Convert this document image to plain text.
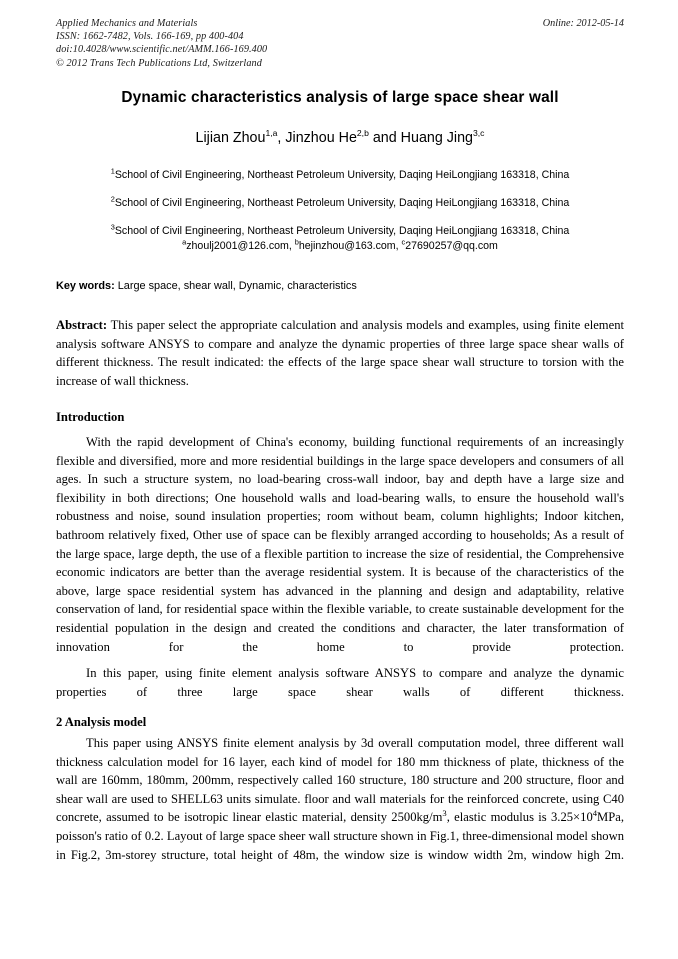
Applied Mechanics and Materials
ISSN: 1662-7482, Vols. 166-169, pp 400-404
doi:10.4028/www.scientific.net/AMM.166-169.400
© 2012 Trans Tech Publications Ltd, Switzerland
Online: 2012-05-14
Dynamic characteristics analysis of large space shear wall
Lijian Zhou$^{1,a}$, Jinzhou He$^{2,b}$ and Huang Jing$^{3,c}$
$^1$School of Civil Engineering, Northeast Petroleum University, Daqing HeiLongjiang 163318, China
$^2$School of Civil Engineering, Northeast Petroleum University, Daqing HeiLongjiang 163318, China
$^3$School of Civil Engineering, Northeast Petroleum University, Daqing HeiLongjiang 163318, China
$^a$zhoulj2001@126.com, $^b$hejinzhou@163.com, $^c$27690257@qq.com
Key words: Large space, shear wall, Dynamic, characteristics
Abstract: This paper select the appropriate calculation and analysis models and examples, using finite element analysis software ANSYS to compare and analyze the dynamic properties of three large space shear walls of different thickness. The result indicated: the effects of the large space shear wall structure to torsion with the increase of wall thickness.
Introduction

With the rapid development of China's economy, building functional requirements of an increasingly flexible and diversified, more and more residential buildings in the large space developers and consumers of all ages. In such a structure system, no load-bearing cross-wall indoor, bay and depth have a large size and flexibility in both directions; One household walls and load-bearing walls, to ensure the household wall's robustness and noise, sound insulation properties; room without beam, column highlights; Indoor kitchen, bathroom relatively fixed, Other use of space can be flexibly arranged according to households; As a result of the large space, large depth, the use of a flexible partition to increase the size of residential, the Comprehensive economic indicators are better than the average residential system. It is because of the characteristics of the above, large space residential system has advanced in the planning and design and adaptability, relative conservation of land, for residential space within the flexible variable, to create sustainable development for the residential population in the design and created the conditions and character, the later transformation of innovation for the home to provide protection.

In this paper, using finite element analysis software ANSYS to compare and analyze the dynamic properties of three large space shear walls of different thickness.

2 Analysis model

This paper using ANSYS finite element analysis by 3d overall computation model, three different wall thickness calculation model for 16 layer, each kind of model for 180 mm thickness of plate, thickness of the wall are 160mm, 180mm, 200mm, respectively called 160 structure, 180 structure and 200 structure, floor and shear wall are used to SHELL63 units simulate. floor and wall materials for the reinforced concrete, using C40 concrete, assumed to be isotropic linear elastic material, density $2500kg/m^3$, elastic modulus is $3.25\times 10^4MPa$, poisson's ratio of 0.2. Layout of large space sheer wall structure shown in Fig.1, three-dimensional model shown in Fig.2, 3m-storey structure, total height of 48m, the window size is window width 2m, window high 2m.
